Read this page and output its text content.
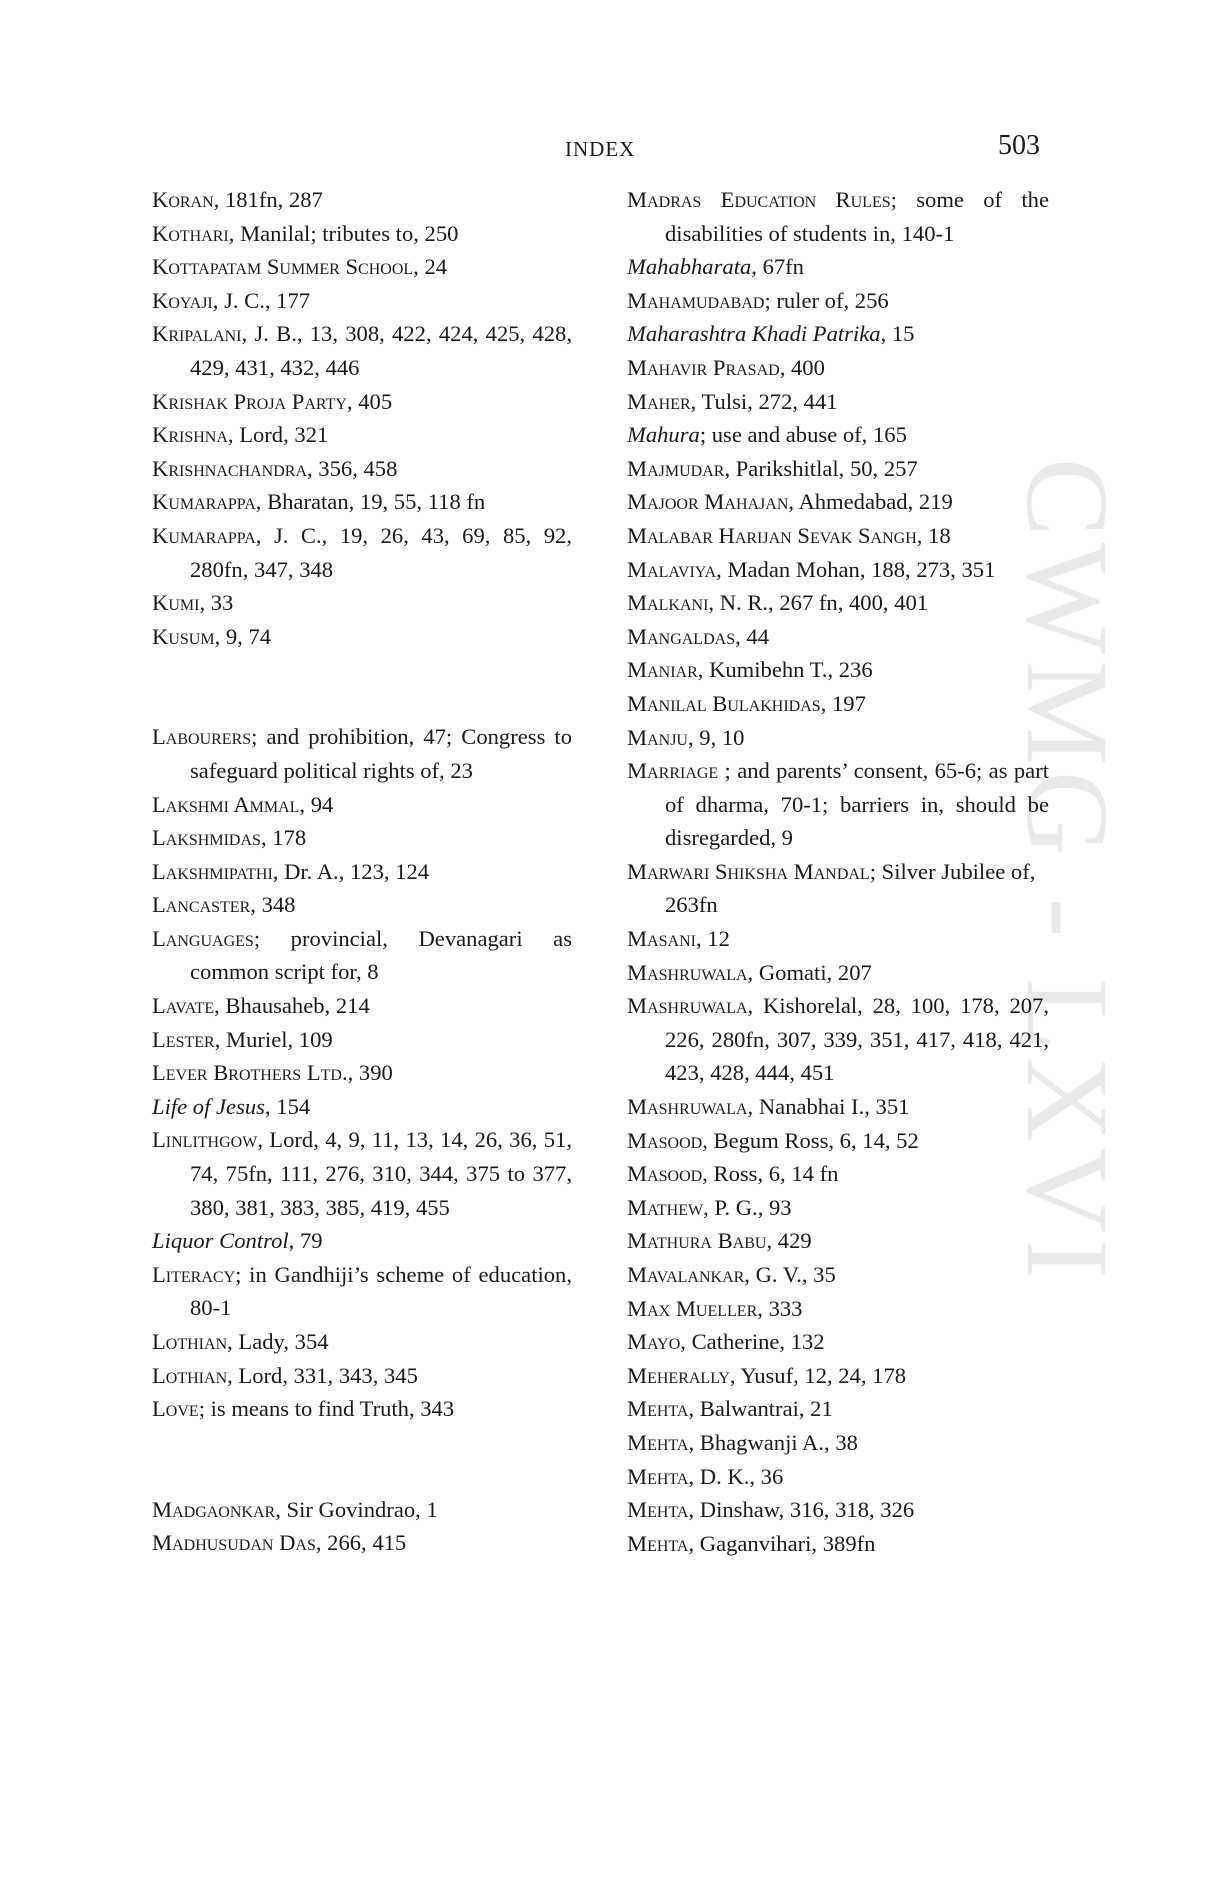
CWMG - LXVI
INDEX	503

Koran, 181fn, 287

Kothari, Manilal; tributes to, 250

Kottapatam Summer School, 24

Koyaji, J. C., 177

Kripalani, J. B., 13, 308, 422, 424, 425, 428, 429, 431, 432, 446

Krishak Proja Party, 405

Krishna, Lord, 321

Krishnachandra, 356, 458

Kumarappa, Bharatan, 19, 55, 118 fn

Kumarappa, J. C., 19, 26, 43, 69, 85, 92, 280fn, 347, 348

Kumi, 33

Kusum, 9, 74

Labourers; and prohibition, 47; Congress to safeguard political rights of, 23

Lakshmi Ammal, 94

Lakshmidas, 178

Lakshmipathi, Dr. A., 123, 124

Lancaster, 348

Languages; provincial, Devanagari as common script for, 8

Lavate, Bhausaheb, 214

Lester, Muriel, 109

Lever Brothers Ltd., 390

Life of Jesus, 154

Linlithgow, Lord, 4, 9, 11, 13, 14, 26, 36, 51, 74, 75fn, 111, 276, 310, 344, 375 to 377, 380, 381, 383, 385, 419, 455

Liquor Control, 79

Literacy; in Gandhiji’s scheme of education, 80-1

Lothian, Lady, 354

Lothian, Lord, 331, 343, 345

Love; is means to find Truth, 343

Madgaonkar, Sir Govindrao, 1

Madhusudan Das, 266, 415

Madras Education Rules; some of the disabilities of students in, 140-1

Mahabharata, 67fn

Mahamudabad; ruler of, 256

Maharashtra Khadi Patrika, 15

Mahavir Prasad, 400

Maher, Tulsi, 272, 441

Mahura; use and abuse of, 165

Majmudar, Parikshitlal, 50, 257

Majoor Mahajan, Ahmedabad, 219

Malabar Harijan Sevak Sangh, 18

Malaviya, Madan Mohan, 188, 273, 351

Malkani, N. R., 267 fn, 400, 401

Mangaldas, 44

Maniar, Kumibehn T., 236

Manilal Bulakhidas, 197

Manju, 9, 10

Marriage ; and parents’ consent, 65-6; as part of dharma, 70-1; barriers in, should be disregarded, 9

Marwari Shiksha Mandal; Silver Jubilee of, 263fn

Masani, 12

Mashruwala, Gomati, 207

Mashruwala, Kishorelal, 28, 100, 178, 207, 226, 280fn, 307, 339, 351, 417, 418, 421, 423, 428, 444, 451

Mashruwala, Nanabhai I., 351

Masood, Begum Ross, 6, 14, 52

Masood, Ross, 6, 14 fn

Mathew, P. G., 93

Mathura Babu, 429

Mavalankar, G. V., 35

Max Mueller, 333

Mayo, Catherine, 132

Meherally, Yusuf, 12, 24, 178

Mehta, Balwantrai, 21

Mehta, Bhagwanji A., 38

Mehta, D. K., 36

Mehta, Dinshaw, 316, 318, 326

Mehta, Gaganvihari, 389fn
